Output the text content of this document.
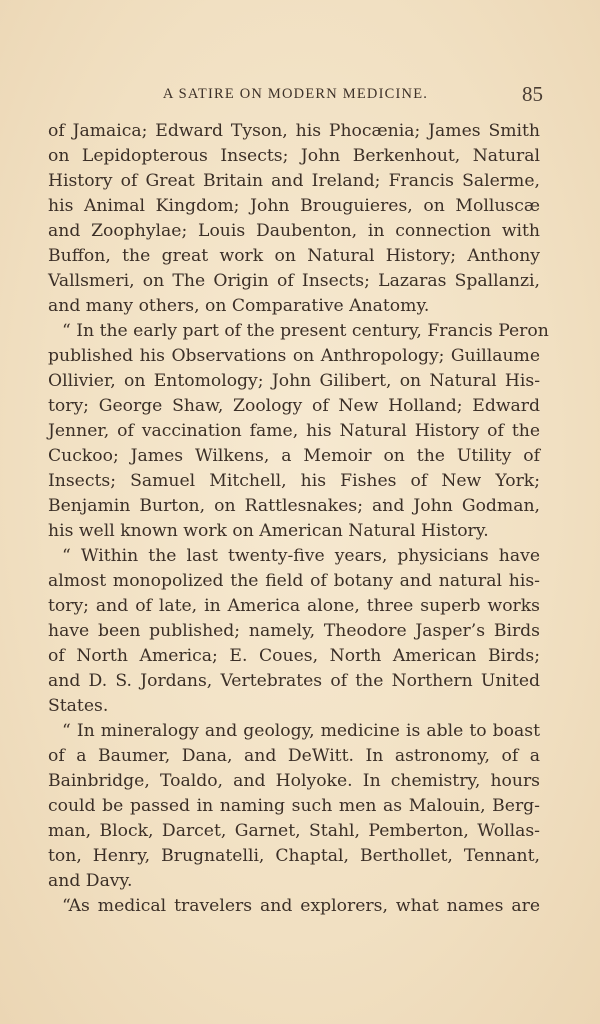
A SATIRE ON MODERN MEDICINE.	85
of Jamaica; Edward Tyson, his Phocænia; James Smith
on Lepidopterous Insects; John Berkenhout, Natural
History of Great Britain and Ireland; Francis Salerme,
his Animal Kingdom; John Brouguieres, on Molluscæ
and Zoophylae; Louis Daubenton, in connection with
Buffon, the great work on Natural History; Anthony
Vallsmeri, on The Origin of Insects; Lazaras Spallanzi,
and many others, on Comparative Anatomy.
“ In the early part of the present century, Francis Peron
published his Observations on Anthropology; Guillaume
Ollivier, on Entomology; John Gilibert, on Natural His-
tory; George Shaw, Zoology of New Holland; Edward
Jenner, of vaccination fame, his Natural History of the
Cuckoo; James Wilkens, a Memoir on the Utility of
Insects; Samuel Mitchell, his Fishes of New York;
Benjamin Burton, on Rattlesnakes; and John Godman,
his well known work on American Natural History.
“ Within the last twenty-five years, physicians have
almost monopolized the field of botany and natural his-
tory; and of late, in America alone, three superb works
have been published; namely, Theodore Jasper’s Birds
of North America; E. Coues, North American Birds;
and D. S. Jordans, Vertebrates of the Northern United
States.
“ In mineralogy and geology, medicine is able to boast
of a Baumer, Dana, and DeWitt. In astronomy, of a
Bainbridge, Toaldo, and Holyoke. In chemistry, hours
could be passed in naming such men as Malouin, Berg-
man, Block, Darcet, Garnet, Stahl, Pemberton, Wollas-
ton, Henry, Brugnatelli, Chaptal, Berthollet, Tennant,
and Davy.
“As medical travelers and explorers, what names are
